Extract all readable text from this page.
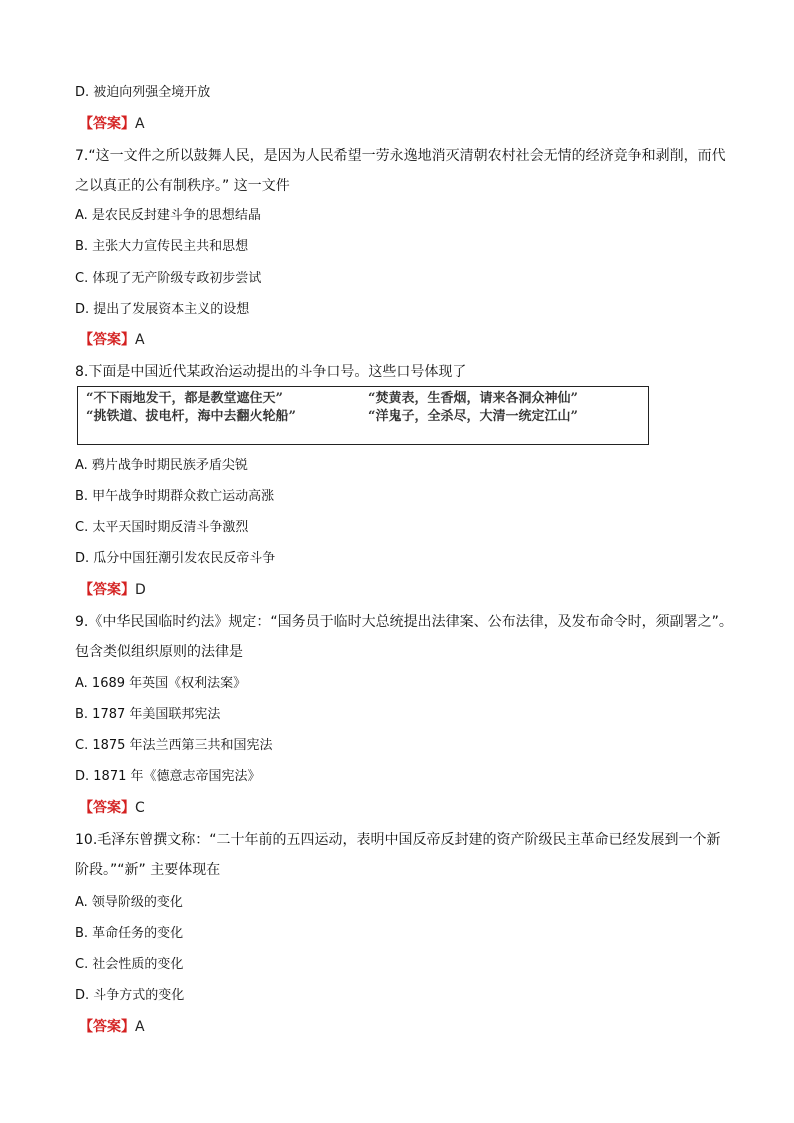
D. 被迫向列强全境开放
【答案】A
7.“这一文件之所以鼓舞人民，是因为人民希望一劳永逸地消灭清朝农村社会无情的经济竞争和剥削，而代
之以真正的公有制秩序。” 这一文件
A. 是农民反封建斗争的思想结晶
B. 主张大力宣传民主共和思想
C. 体现了无产阶级专政初步尝试
D. 提出了发展资本主义的设想
【答案】A
8.下面是中国近代某政治运动提出的斗争口号。这些口号体现了
“不下雨地发干，都是教堂遮住天”	“焚黄表，生香烟，请来各洞众神仙”
“挑铁道、拔电杆，海中去翻火轮船”	“洋鬼子，全杀尽，大清一统定江山”
A. 鸦片战争时期民族矛盾尖锐
B. 甲午战争时期群众救亡运动高涨
C. 太平天国时期反清斗争激烈
D. 瓜分中国狂潮引发农民反帝斗争
【答案】D
9.《中华民国临时约法》规定：“国务员于临时大总统提出法律案、公布法律，及发布命令时，须副署之”。
包含类似组织原则的法律是
A. 1689 年英国《权利法案》
B. 1787 年美国联邦宪法
C. 1875 年法兰西第三共和国宪法
D. 1871 年《德意志帝国宪法》
【答案】C
10.毛泽东曾撰文称：“二十年前的五四运动，表明中国反帝反封建的资产阶级民主革命已经发展到一个新
阶段。”“新” 主要体现在
A. 领导阶级的变化
B. 革命任务的变化
C. 社会性质的变化
D. 斗争方式的变化
【答案】A
